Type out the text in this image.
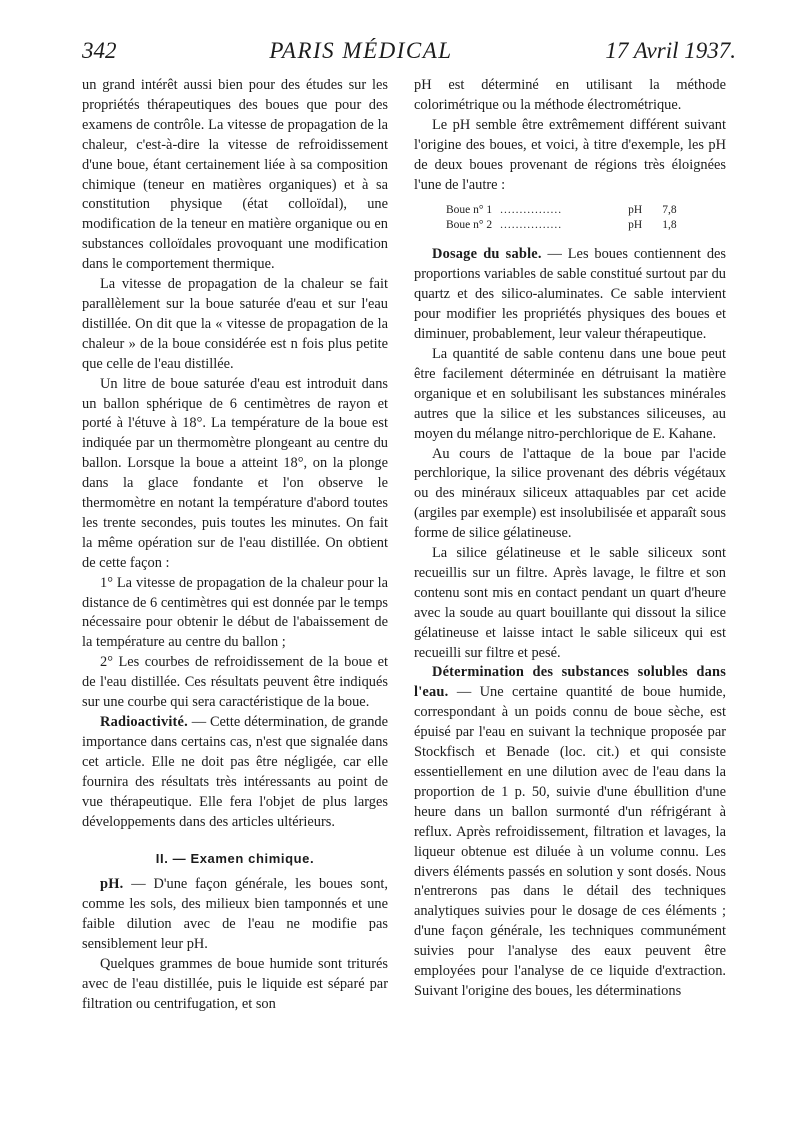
342	PARIS MÉDICAL	17 Avril 1937.

un grand intérêt aussi bien pour des études sur les propriétés thérapeutiques des boues que pour des examens de contrôle. La vitesse de propagation de la chaleur, c'est-à-dire la vitesse de refroidissement d'une boue, étant certainement liée à sa composition chimique (teneur en matières organiques) et à sa constitution physique (état colloïdal), une modification de la teneur en matière organique ou en substances colloïdales provoquant une modification dans le comportement thermique.

La vitesse de propagation de la chaleur se fait parallèlement sur la boue saturée d'eau et sur l'eau distillée. On dit que la « vitesse de propagation de la chaleur » de la boue considérée est n fois plus petite que celle de l'eau distillée.

Un litre de boue saturée d'eau est introduit dans un ballon sphérique de 6 centimètres de rayon et porté à l'étuve à 18°. La température de la boue est indiquée par un thermomètre plongeant au centre du ballon. Lorsque la boue a atteint 18°, on la plonge dans la glace fondante et l'on observe le thermomètre en notant la température d'abord toutes les trente secondes, puis toutes les minutes. On fait la même opération sur de l'eau distillée. On obtient de cette façon :

1° La vitesse de propagation de la chaleur pour la distance de 6 centimètres qui est donnée par le temps nécessaire pour obtenir le début de l'abaissement de la température au centre du ballon ;

2° Les courbes de refroidissement de la boue et de l'eau distillée. Ces résultats peuvent être indiqués sur une courbe qui sera caractéristique de la boue.

Radioactivité. — Cette détermination, de grande importance dans certains cas, n'est que signalée dans cet article. Elle ne doit pas être négligée, car elle fournira des résultats très intéressants au point de vue thérapeutique. Elle fera l'objet de plus larges développements dans des articles ultérieurs.

II. — Examen chimique.

pH. — D'une façon générale, les boues sont, comme les sols, des milieux bien tamponnés et une faible dilution avec de l'eau ne modifie pas sensiblement leur pH.

Quelques grammes de boue humide sont triturés avec de l'eau distillée, puis le liquide est séparé par filtration ou centrifugation, et son

pH est déterminé en utilisant la méthode colorimétrique ou la méthode électrométrique.

Le pH semble être extrêmement différent suivant l'origine des boues, et voici, à titre d'exemple, les pH de deux boues provenant de régions très éloignées l'une de l'autre :

Boue n° 1	................	pH	7,8
Boue n° 2	................	pH	1,8

Dosage du sable. — Les boues contiennent des proportions variables de sable constitué surtout par du quartz et des silico-aluminates. Ce sable intervient pour modifier les propriétés physiques des boues et diminuer, probablement, leur valeur thérapeutique.

La quantité de sable contenu dans une boue peut être facilement déterminée en détruisant la matière organique et en solubilisant les substances minérales autres que la silice et les substances siliceuses, au moyen du mélange nitro-perchlorique de E. Kahane.

Au cours de l'attaque de la boue par l'acide perchlorique, la silice provenant des débris végétaux ou des minéraux siliceux attaquables par cet acide (argiles par exemple) est insolubilisée et apparaît sous forme de silice gélatineuse.

La silice gélatineuse et le sable siliceux sont recueillis sur un filtre. Après lavage, le filtre et son contenu sont mis en contact pendant un quart d'heure avec la soude au quart bouillante qui dissout la silice gélatineuse et laisse intact le sable siliceux qui est recueilli sur filtre et pesé.

Détermination des substances solubles dans l'eau. — Une certaine quantité de boue humide, correspondant à un poids connu de boue sèche, est épuisé par l'eau en suivant la technique proposée par Stockfisch et Benade (loc. cit.) et qui consiste essentiellement en une dilution avec de l'eau dans la proportion de 1 p. 50, suivie d'une ébullition d'une heure dans un ballon surmonté d'un réfrigérant à reflux. Après refroidissement, filtration et lavages, la liqueur obtenue est diluée à un volume connu. Les divers éléments passés en solution y sont dosés. Nous n'entrerons pas dans le détail des techniques analytiques suivies pour le dosage de ces éléments ; d'une façon générale, les techniques communément suivies pour l'analyse des eaux peuvent être employées pour l'analyse de ce liquide d'extraction. Suivant l'origine des boues, les déterminations
